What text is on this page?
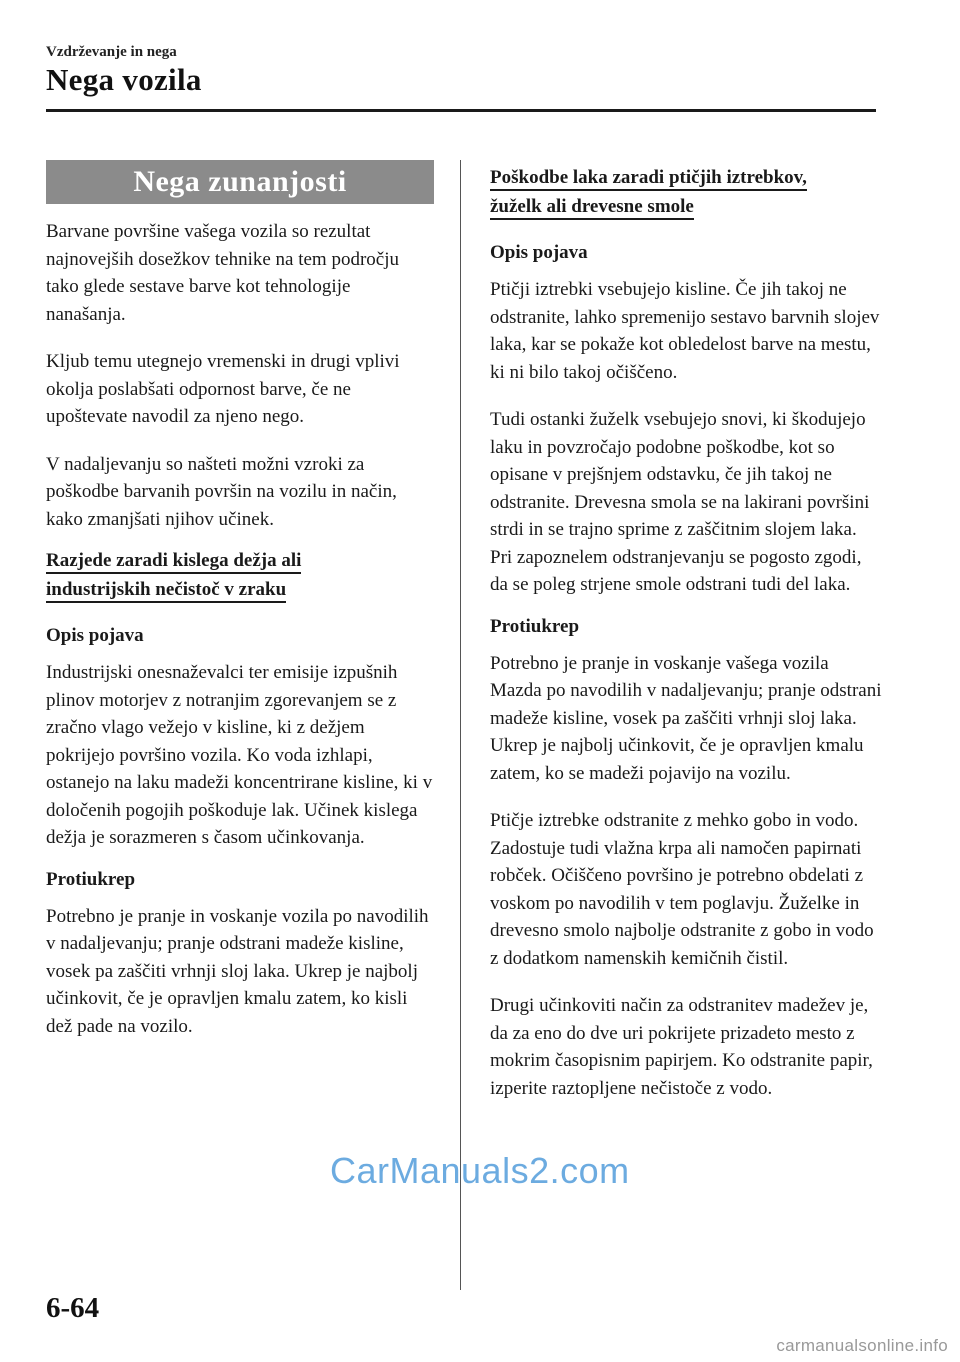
Vzdrževanje in nega
Nega vozila
Nega zunanjosti

Barvane površine vašega vozila so rezultat najnovejših dosežkov tehnike na tem področju tako glede sestave barve kot tehnologije nanašanja.

Kljub temu utegnejo vremenski in drugi vplivi okolja poslabšati odpornost barve, če ne upoštevate navodil za njeno nego.

V nadaljevanju so našteti možni vzroki za poškodbe barvanih površin na vozilu in način, kako zmanjšati njihov učinek.

Razjede zaradi kislega dežja ali
industrijskih nečistoč v zraku
Opis pojava

Industrijski onesnaževalci ter emisije izpušnih plinov motorjev z notranjim zgorevanjem se z zračno vlago vežejo v kisline, ki z dežjem pokrijejo površino vozila. Ko voda izhlapi, ostanejo na laku madeži koncentrirane kisline, ki v določenih pogojih poškoduje lak. Učinek kislega dežja je sorazmeren s časom učinkovanja.

Protiukrep

Potrebno je pranje in voskanje vozila po navodilih v nadaljevanju; pranje odstrani madeže kisline, vosek pa zaščiti vrhnji sloj laka. Ukrep je najbolj učinkovit, če je opravljen kmalu zatem, ko kisli dež pade na vozilo.

Poškodbe laka zaradi ptičjih iztrebkov,
žuželk ali drevesne smole
Opis pojava

Ptičji iztrebki vsebujejo kisline. Če jih takoj ne odstranite, lahko spremenijo sestavo barvnih slojev laka, kar se pokaže kot obledelost barve na mestu, ki ni bilo takoj očiščeno.

Tudi ostanki žuželk vsebujejo snovi, ki škodujejo laku in povzročajo podobne poškodbe, kot so opisane v prejšnjem odstavku, če jih takoj ne odstranite. Drevesna smola se na lakirani površini strdi in se trajno sprime z zaščitnim slojem laka. Pri zapoznelem odstranjevanju se pogosto zgodi, da se poleg strjene smole odstrani tudi del laka.

Protiukrep

Potrebno je pranje in voskanje vašega vozila Mazda po navodilih v nadaljevanju; pranje odstrani madeže kisline, vosek pa zaščiti vrhnji sloj laka. Ukrep je najbolj učinkovit, če je opravljen kmalu zatem, ko se madeži pojavijo na vozilu.

Ptičje iztrebke odstranite z mehko gobo in vodo. Zadostuje tudi vlažna krpa ali namočen papirnati robček. Očiščeno površino je potrebno obdelati z voskom po navodilih v tem poglavju. Žuželke in drevesno smolo najbolje odstranite z gobo in vodo z dodatkom namenskih kemičnih čistil.

Drugi učinkoviti način za odstranitev madežev je, da za eno do dve uri pokrijete prizadeto mesto z mokrim časopisnim papirjem. Ko odstranite papir, izperite raztopljene nečistoče z vodo.

CarManuals2.com
6-64
carmanualsonline.info
